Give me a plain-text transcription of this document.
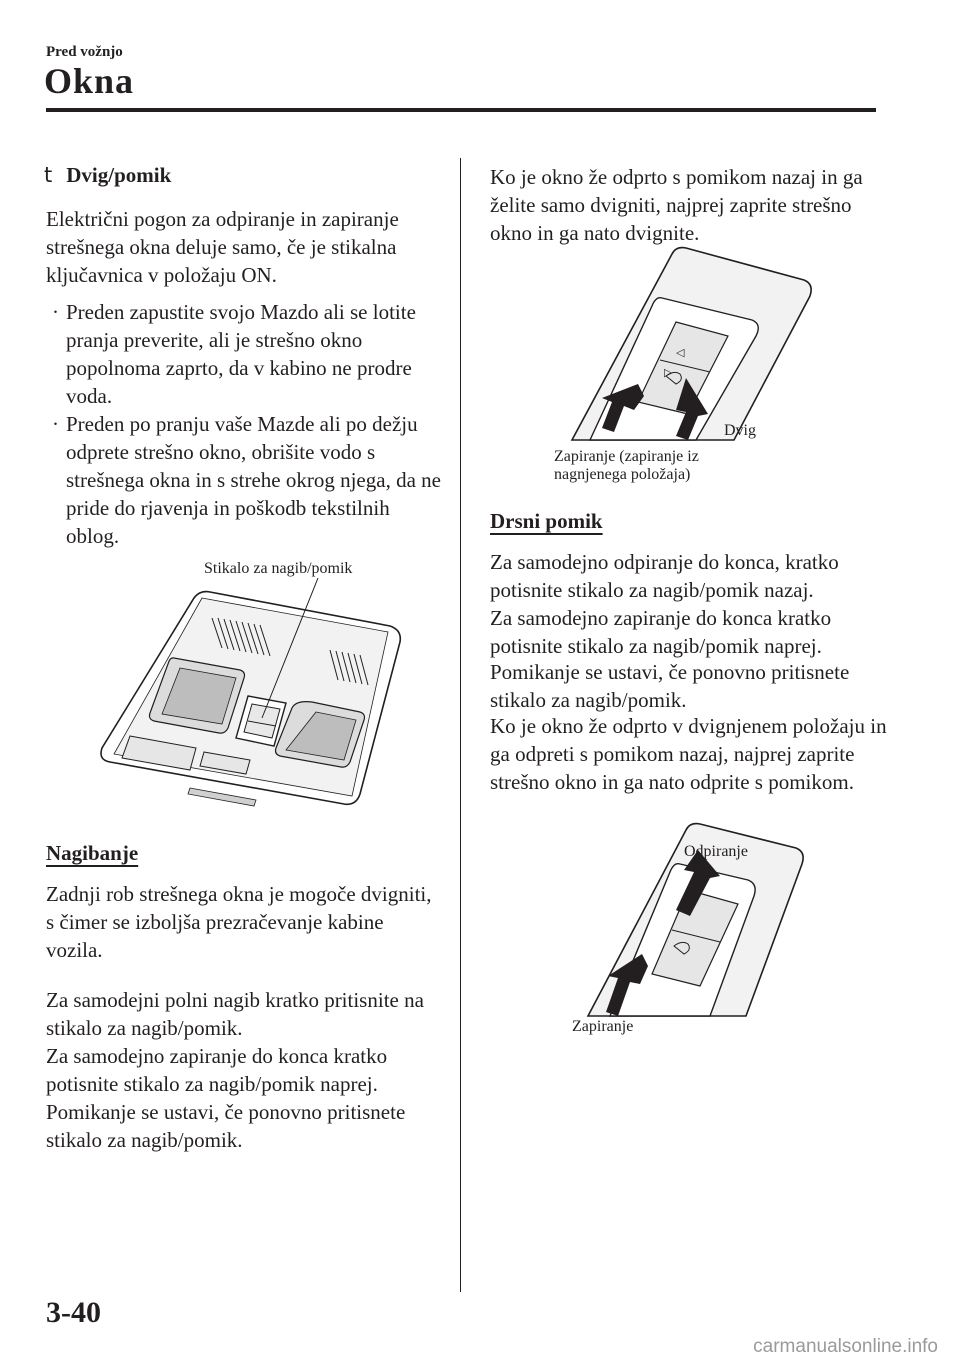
Pred vožnjo
Okna
t Dvig/pomik
Električni pogon za odpiranje in zapiranje strešnega okna deluje samo, če je stikalna ključavnica v položaju ON.
· Preden zapustite svojo Mazdo ali se lotite pranja preverite, ali je strešno okno popolnoma zaprto, da v kabino ne prodre voda.
· Preden po pranju vaše Mazde ali po dežju odprete strešno okno, obrišite vodo s strešnega okna in s strehe okrog njega, da ne pride do rjavenja in poškodb tekstilnih oblog.
Stikalo za nagib/pomik
Nagibanje
Zadnji rob strešnega okna je mogoče dvigniti, s čimer se izboljša prezračevanje kabine vozila.
Za samodejni polni nagib kratko pritisnite na stikalo za nagib/pomik.
Za samodejno zapiranje do konca kratko potisnite stikalo za nagib/pomik naprej.
Pomikanje se ustavi, če ponovno pritisnete stikalo za nagib/pomik.
Ko je okno že odprto s pomikom nazaj in ga želite samo dvigniti, najprej zaprite strešno okno in ga nato dvignite.
◁
▷
Dvig
Zapiranje (zapiranje iz
nagnjenega položaja)
Drsni pomik
Za samodejno odpiranje do konca, kratko potisnite stikalo za nagib/pomik nazaj.
Za samodejno zapiranje do konca kratko potisnite stikalo za nagib/pomik naprej.
Pomikanje se ustavi, če ponovno pritisnete stikalo za nagib/pomik.
Ko je okno že odprto v dvignjenem položaju in ga odpreti s pomikom nazaj, najprej zaprite strešno okno in ga nato odprite s pomikom.
Odpiranje
Zapiranje
3-40
carmanualsonline.info
